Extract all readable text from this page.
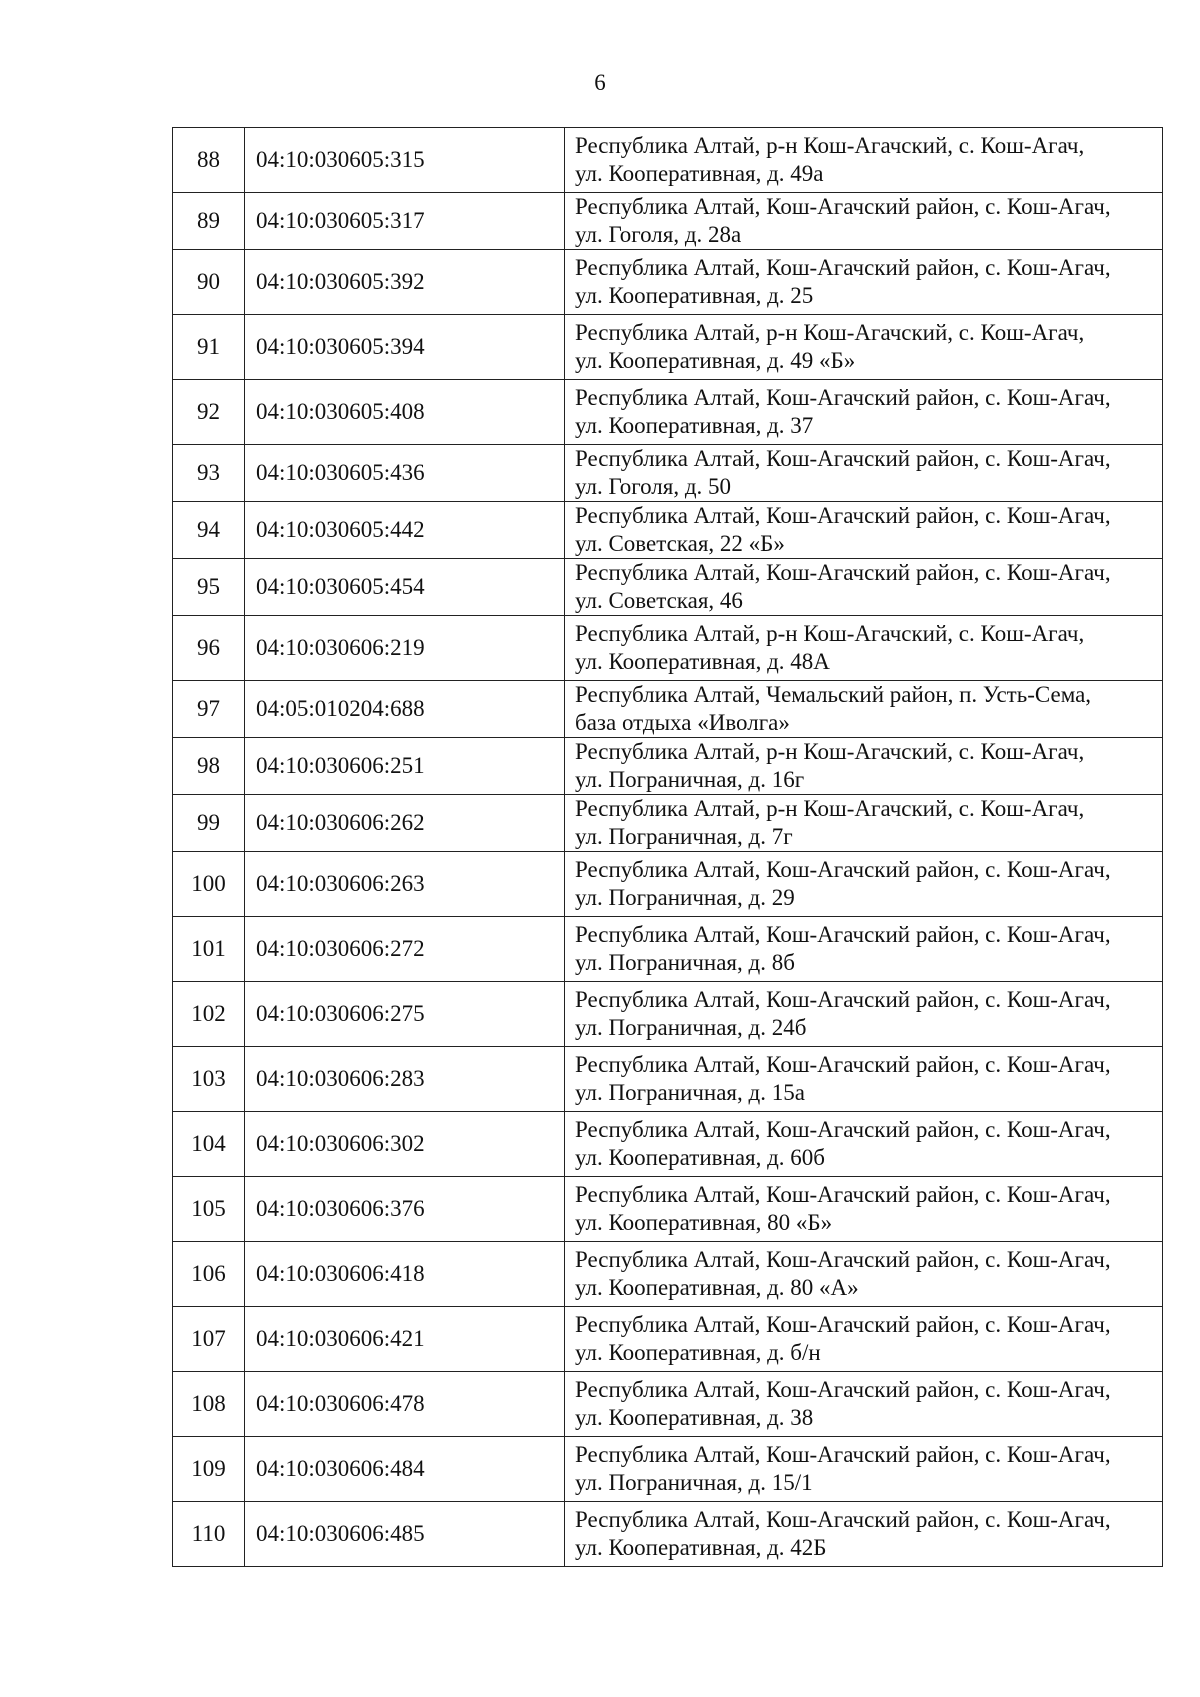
6
88	04:10:030605:315	Республика Алтай, р-н Кош-Агачский, с. Кош-Агач,
ул. Кооперативная, д. 49а

89	04:10:030605:317	Республика Алтай, Кош-Агачский район, с. Кош-Агач,
ул. Гоголя, д. 28а

90	04:10:030605:392	Республика Алтай, Кош-Агачский район, с. Кош-Агач,
ул. Кооперативная, д. 25

91	04:10:030605:394	Республика Алтай, р-н Кош-Агачский, с. Кош-Агач,
ул. Кооперативная, д. 49 «Б»

92	04:10:030605:408	Республика Алтай, Кош-Агачский район, с. Кош-Агач,
ул. Кооперативная, д. 37

93	04:10:030605:436	Республика Алтай, Кош-Агачский район, с. Кош-Агач,
ул. Гоголя, д. 50

94	04:10:030605:442	Республика Алтай, Кош-Агачский район, с. Кош-Агач,
ул. Советская, 22 «Б»

95	04:10:030605:454	Республика Алтай, Кош-Агачский район, с. Кош-Агач,
ул. Советская, 46

96	04:10:030606:219	Республика Алтай, р-н Кош-Агачский, с. Кош-Агач,
ул. Кооперативная, д. 48А

97	04:05:010204:688	Республика Алтай, Чемальский район, п. Усть-Сема,
база отдыха «Иволга»

98	04:10:030606:251	Республика Алтай, р-н Кош-Агачский, с. Кош-Агач,
ул. Пограничная, д. 16г

99	04:10:030606:262	Республика Алтай, р-н Кош-Агачский, с. Кош-Агач,
ул. Пограничная, д. 7г

100	04:10:030606:263	Республика Алтай, Кош-Агачский район, с. Кош-Агач,
ул. Пограничная, д. 29

101	04:10:030606:272	Республика Алтай, Кош-Агачский район, с. Кош-Агач,
ул. Пограничная, д. 8б

102	04:10:030606:275	Республика Алтай, Кош-Агачский район, с. Кош-Агач,
ул. Пограничная, д. 24б

103	04:10:030606:283	Республика Алтай, Кош-Агачский район, с. Кош-Агач,
ул. Пограничная, д. 15а

104	04:10:030606:302	Республика Алтай, Кош-Агачский район, с. Кош-Агач,
ул. Кооперативная, д. 60б

105	04:10:030606:376	Республика Алтай, Кош-Агачский район, с. Кош-Агач,
ул. Кооперативная, 80 «Б»

106	04:10:030606:418	Республика Алтай, Кош-Агачский район, с. Кош-Агач,
ул. Кооперативная, д. 80 «А»

107	04:10:030606:421	Республика Алтай, Кош-Агачский район, с. Кош-Агач,
ул. Кооперативная, д. б/н

108	04:10:030606:478	Республика Алтай, Кош-Агачский район, с. Кош-Агач,
ул. Кооперативная, д. 38

109	04:10:030606:484	Республика Алтай, Кош-Агачский район, с. Кош-Агач,
ул. Пограничная, д. 15/1

110	04:10:030606:485	Республика Алтай, Кош-Агачский район, с. Кош-Агач,
ул. Кооперативная, д. 42Б
